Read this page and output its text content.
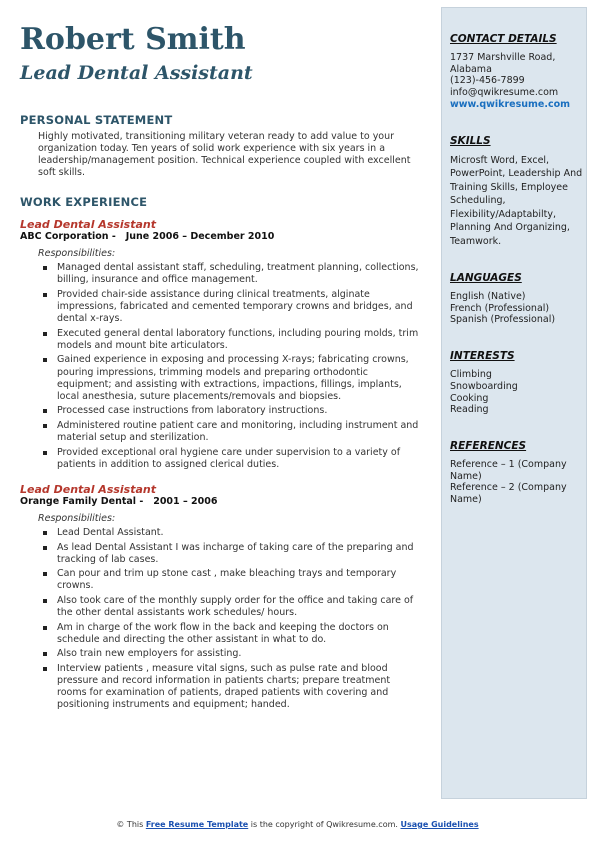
Robert Smith
Lead Dental Assistant
PERSONAL STATEMENT
Highly motivated, transitioning military veteran ready to add value to your organization today. Ten years of solid work experience with six years in a leadership/management position. Technical experience coupled with excellent soft skills.
WORK EXPERIENCE
Lead Dental Assistant
ABC Corporation -   June 2006 – December 2010
Responsibilities:
Managed dental assistant staff, scheduling, treatment planning, collections, billing, insurance and office management.
Provided chair-side assistance during clinical treatments, alginate impressions, fabricated and cemented temporary crowns and bridges, and dental x-rays.
Executed general dental laboratory functions, including pouring molds, trim models and mount bite articulators.
Gained experience in exposing and processing X-rays; fabricating crowns, pouring impressions, trimming models and preparing orthodontic equipment; and assisting with extractions, impactions, fillings, implants, local anesthesia, suture placements/removals and biopsies.
Processed case instructions from laboratory instructions.
Administered routine patient care and monitoring, including instrument and material setup and sterilization.
Provided exceptional oral hygiene care under supervision to a variety of patients in addition to assigned clerical duties.
Lead Dental Assistant
Orange Family Dental -   2001 – 2006
Responsibilities:
Lead Dental Assistant.
As lead Dental Assistant I was incharge of taking care of the preparing and tracking of lab cases.
Can pour and trim up stone cast , make bleaching trays and temporary crowns.
Also took care of the monthly supply order for the office and taking care of the other dental assistants work schedules/ hours.
Am in charge of the work flow in the back and keeping the doctors on schedule and directing the other assistant in what to do.
Also train new employers for assisting.
Interview patients , measure vital signs, such as pulse rate and blood pressure and record information in patients charts; prepare treatment rooms for examination of patients, draped patients with covering and positioning instruments and equipment; handed.
CONTACT DETAILS
1737 Marshville Road,
Alabama
(123)-456-7899
info@qwikresume.com
www.qwikresume.com
SKILLS
Microsft Word, Excel, PowerPoint, Leadership And Training Skills, Employee Scheduling, Flexibility/Adaptabilty, Planning And Organizing, Teamwork.
LANGUAGES
English (Native)
French (Professional)
Spanish (Professional)
INTERESTS
Climbing
Snowboarding
Cooking
Reading
REFERENCES
Reference – 1 (Company Name)
Reference – 2 (Company Name)
© This Free Resume Template is the copyright of Qwikresume.com. Usage Guidelines
